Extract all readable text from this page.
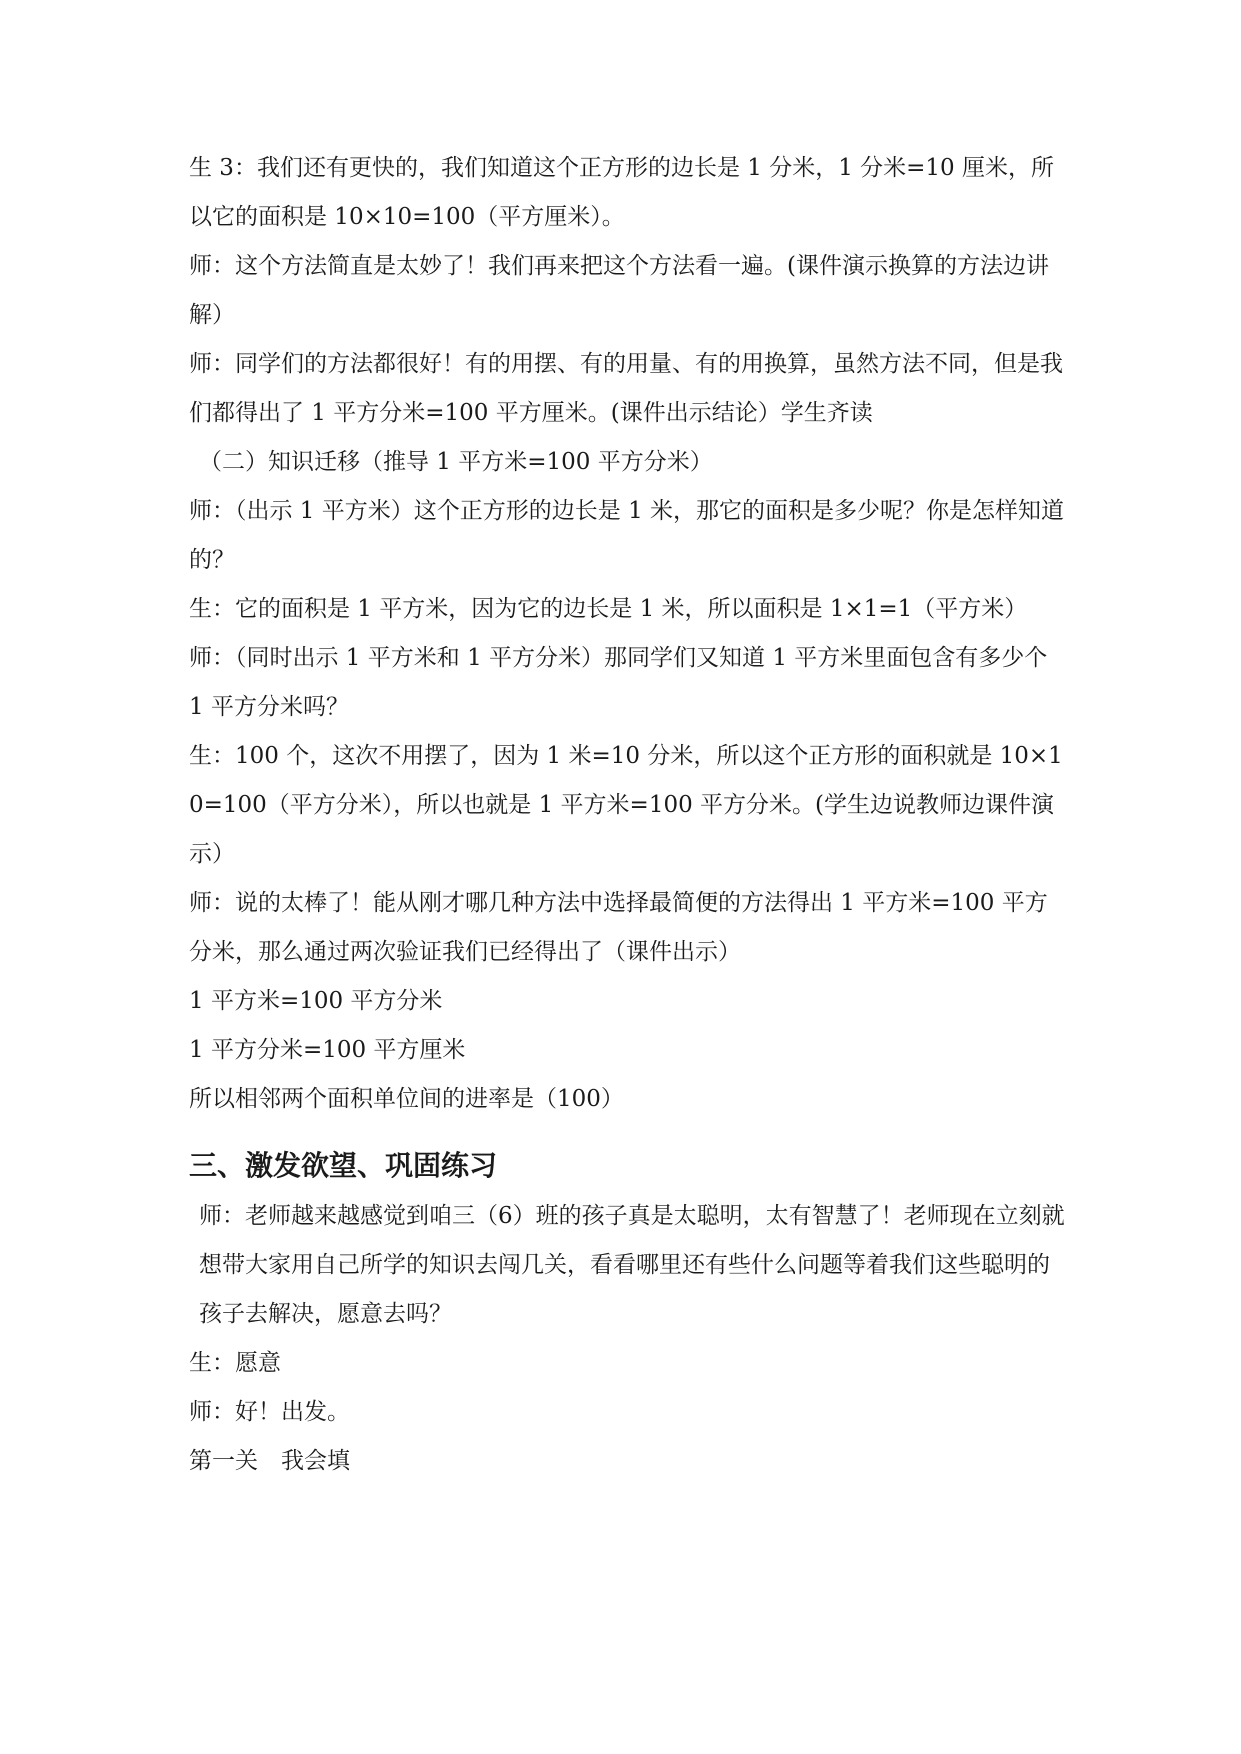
生 3：我们还有更快的，我们知道这个正方形的边长是 1 分米，1 分米=10 厘米，所以它的面积是 10×10=100（平方厘米）。

师：这个方法简直是太妙了！我们再来把这个方法看一遍。(课件演示换算的方法边讲解）

师：同学们的方法都很好！有的用摆、有的用量、有的用换算，虽然方法不同，但是我们都得出了 1 平方分米=100 平方厘米。(课件出示结论）学生齐读

（二）知识迁移（推导 1 平方米=100 平方分米）

师：（出示 1 平方米）这个正方形的边长是 1 米，那它的面积是多少呢？你是怎样知道的？

生：它的面积是 1 平方米，因为它的边长是 1 米，所以面积是 1×1=1（平方米）

师：（同时出示 1 平方米和 1 平方分米）那同学们又知道 1 平方米里面包含有多少个 1 平方分米吗？

生：100 个，这次不用摆了，因为 1 米=10 分米，所以这个正方形的面积就是 10×10=100（平方分米），所以也就是 1 平方米=100 平方分米。(学生边说教师边课件演示）

师：说的太棒了！能从刚才哪几种方法中选择最简便的方法得出 1 平方米=100 平方分米，那么通过两次验证我们已经得出了（课件出示）

1 平方米=100 平方分米

1 平方分米=100 平方厘米

所以相邻两个面积单位间的进率是（100）

三、激发欲望、巩固练习

师：老师越来越感觉到咱三（6）班的孩子真是太聪明，太有智慧了！老师现在立刻就想带大家用自己所学的知识去闯几关，看看哪里还有些什么问题等着我们这些聪明的孩子去解决，愿意去吗？

生：愿意

师：好！出发。

第一关　我会填
